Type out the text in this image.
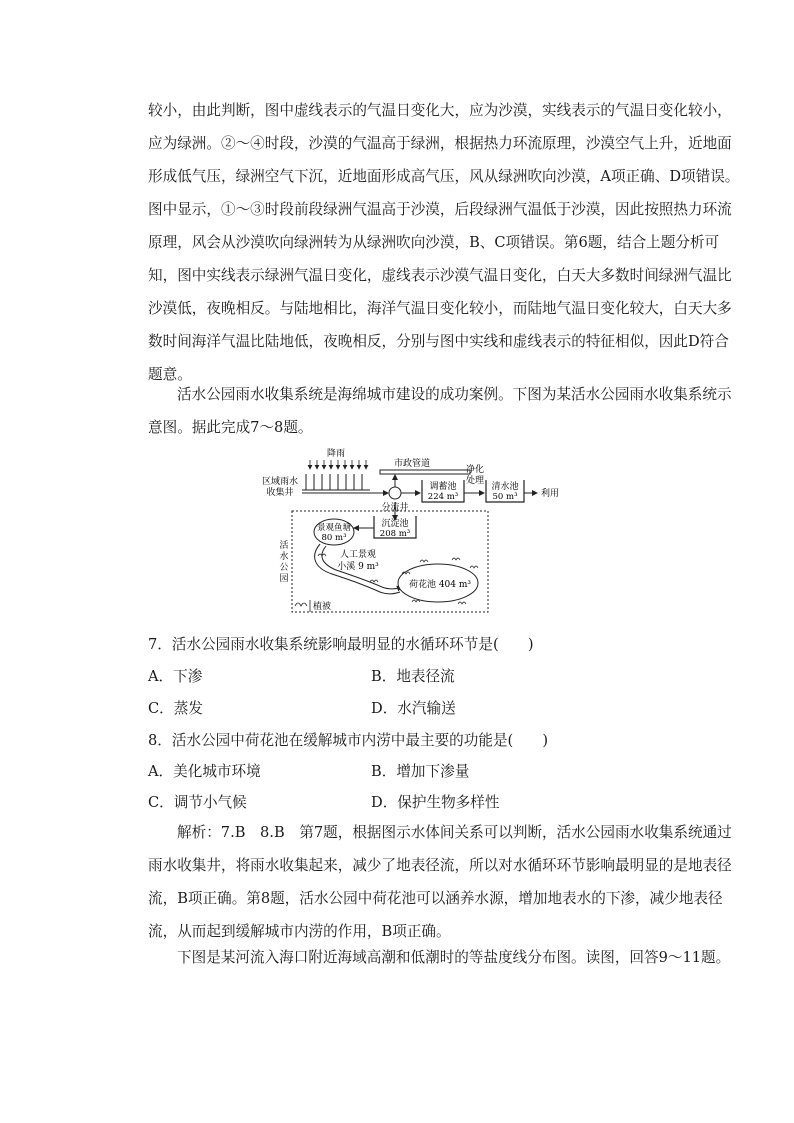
较小，由此判断，图中虚线表示的气温日变化大，应为沙漠，实线表示的气温日变化较小，
应为绿洲。②～④时段，沙漠的气温高于绿洲，根据热力环流原理，沙漠空气上升，近地面
形成低气压，绿洲空气下沉，近地面形成高气压，风从绿洲吹向沙漠，A项正确、D项错误。
图中显示，①～③时段前段绿洲气温高于沙漠，后段绿洲气温低于沙漠，因此按照热力环流
原理，风会从沙漠吹向绿洲转为从绿洲吹向沙漠，B、C项错误。第6题，结合上题分析可
知，图中实线表示绿洲气温日变化，虚线表示沙漠气温日变化，白天大多数时间绿洲气温比
沙漠低，夜晚相反。与陆地相比，海洋气温日变化较小，而陆地气温日变化较大，白天大多
数时间海洋气温比陆地低，夜晚相反，分别与图中实线和虚线表示的特征相似，因此D符合
题意。
活水公园雨水收集系统是海绵城市建设的成功案例。下图为某活水公园雨水收集系统示
意图。据此完成7～8题。
降雨
区域雨水
收集井
分流井
市政管道
调蓄池
224 m³
净化
处理
清水池
50 m³	利用
活
水
公
园
植被
沉淀池
208 m³
景观鱼塘
80 m³
人工景观
小溪 9 m³
荷花池 404 m³
7．活水公园雨水收集系统影响最明显的水循环环节是(　　)
A．下渗	B．地表径流
C．蒸发	D．水汽输送
8．活水公园中荷花池在缓解城市内涝中最主要的功能是(　　)
A．美化城市环境	B．增加下渗量
C．调节小气候	D．保护生物多样性
解析：7.B　8.B　第7题，根据图示水体间关系可以判断，活水公园雨水收集系统通过
雨水收集井，将雨水收集起来，减少了地表径流，所以对水循环环节影响最明显的是地表径
流，B项正确。第8题，活水公园中荷花池可以涵养水源，增加地表水的下渗，减少地表径
流，从而起到缓解城市内涝的作用，B项正确。
下图是某河流入海口附近海域高潮和低潮时的等盐度线分布图。读图，回答9～11题。
